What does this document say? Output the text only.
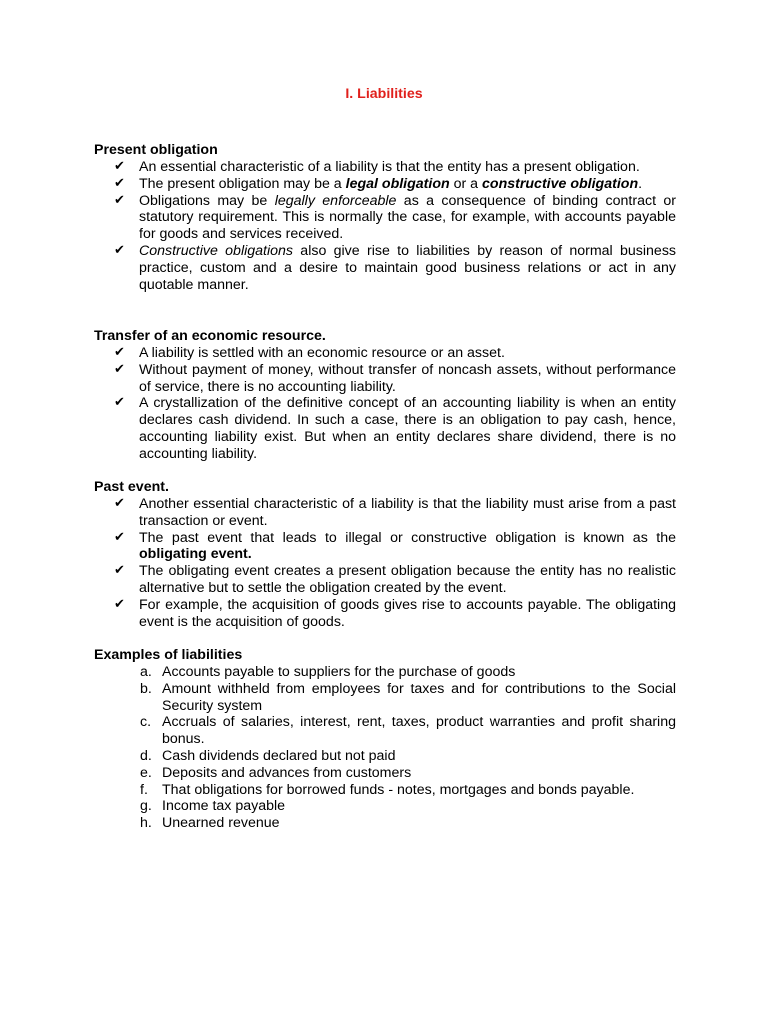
I. Liabilities
Present obligation
✔ An essential characteristic of a liability is that the entity has a present obligation.
✔ The present obligation may be a legal obligation or a constructive obligation.
✔ Obligations may be legally enforceable as a consequence of binding contract or statutory requirement. This is normally the case, for example, with accounts payable for goods and services received.
✔ Constructive obligations also give rise to liabilities by reason of normal business practice, custom and a desire to maintain good business relations or act in any quotable manner.
Transfer of an economic resource.
✔ A liability is settled with an economic resource or an asset.
✔ Without payment of money, without transfer of noncash assets, without performance of service, there is no accounting liability.
✔ A crystallization of the definitive concept of an accounting liability is when an entity declares cash dividend. In such a case, there is an obligation to pay cash, hence, accounting liability exist. But when an entity declares share dividend, there is no accounting liability.
Past event.
✔ Another essential characteristic of a liability is that the liability must arise from a past transaction or event.
✔ The past event that leads to illegal or constructive obligation is known as the obligating event.
✔ The obligating event creates a present obligation because the entity has no realistic alternative but to settle the obligation created by the event.
✔ For example, the acquisition of goods gives rise to accounts payable. The obligating event is the acquisition of goods.
Examples of liabilities
a. Accounts payable to suppliers for the purchase of goods
b. Amount withheld from employees for taxes and for contributions to the Social Security system
c. Accruals of salaries, interest, rent, taxes, product warranties and profit sharing bonus.
d. Cash dividends declared but not paid
e. Deposits and advances from customers
f. That obligations for borrowed funds - notes, mortgages and bonds payable.
g. Income tax payable
h. Unearned revenue
